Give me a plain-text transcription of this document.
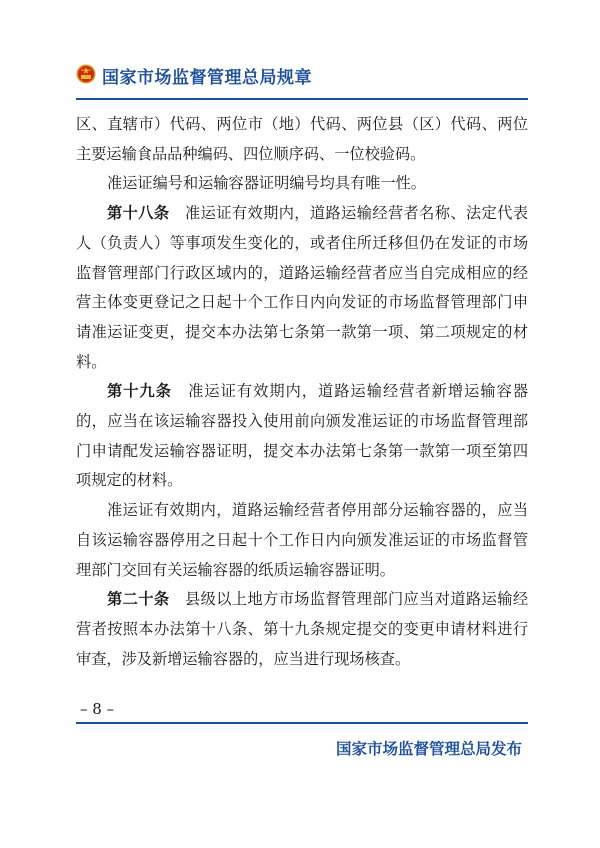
国家市场监督管理总局规章

区、直辖市）代码、两位市（地）代码、两位县（区）代码、两位主要运输食品品种编码、四位顺序码、一位校验码。

准运证编号和运输容器证明编号均具有唯一性。

第十八条　 准运证有效期内，道路运输经营者名称、法定代表人（负责人）等事项发生变化的，或者住所迁移但仍在发证的市场监督管理部门行政区域内的，道路运输经营者应当自完成相应的经营主体变更登记之日起十个工作日内向发证的市场监督管理部门申请准运证变更，提交本办法第七条第一款第一项、第二项规定的材料。

第十九条　 准运证有效期内，道路运输经营者新增运输容器的，应当在该运输容器投入使用前向颁发准运证的市场监督管理部门申请配发运输容器证明，提交本办法第七条第一款第一项至第四项规定的材料。

准运证有效期内，道路运输经营者停用部分运输容器的，应当自该运输容器停用之日起十个工作日内向颁发准运证的市场监督管理部门交回有关运输容器的纸质运输容器证明。

第二十条　 县级以上地方市场监督管理部门应当对道路运输经营者按照本办法第十八条、第十九条规定提交的变更申请材料进行审查，涉及新增运输容器的，应当进行现场核查。

– 8 –
国家市场监督管理总局发布
